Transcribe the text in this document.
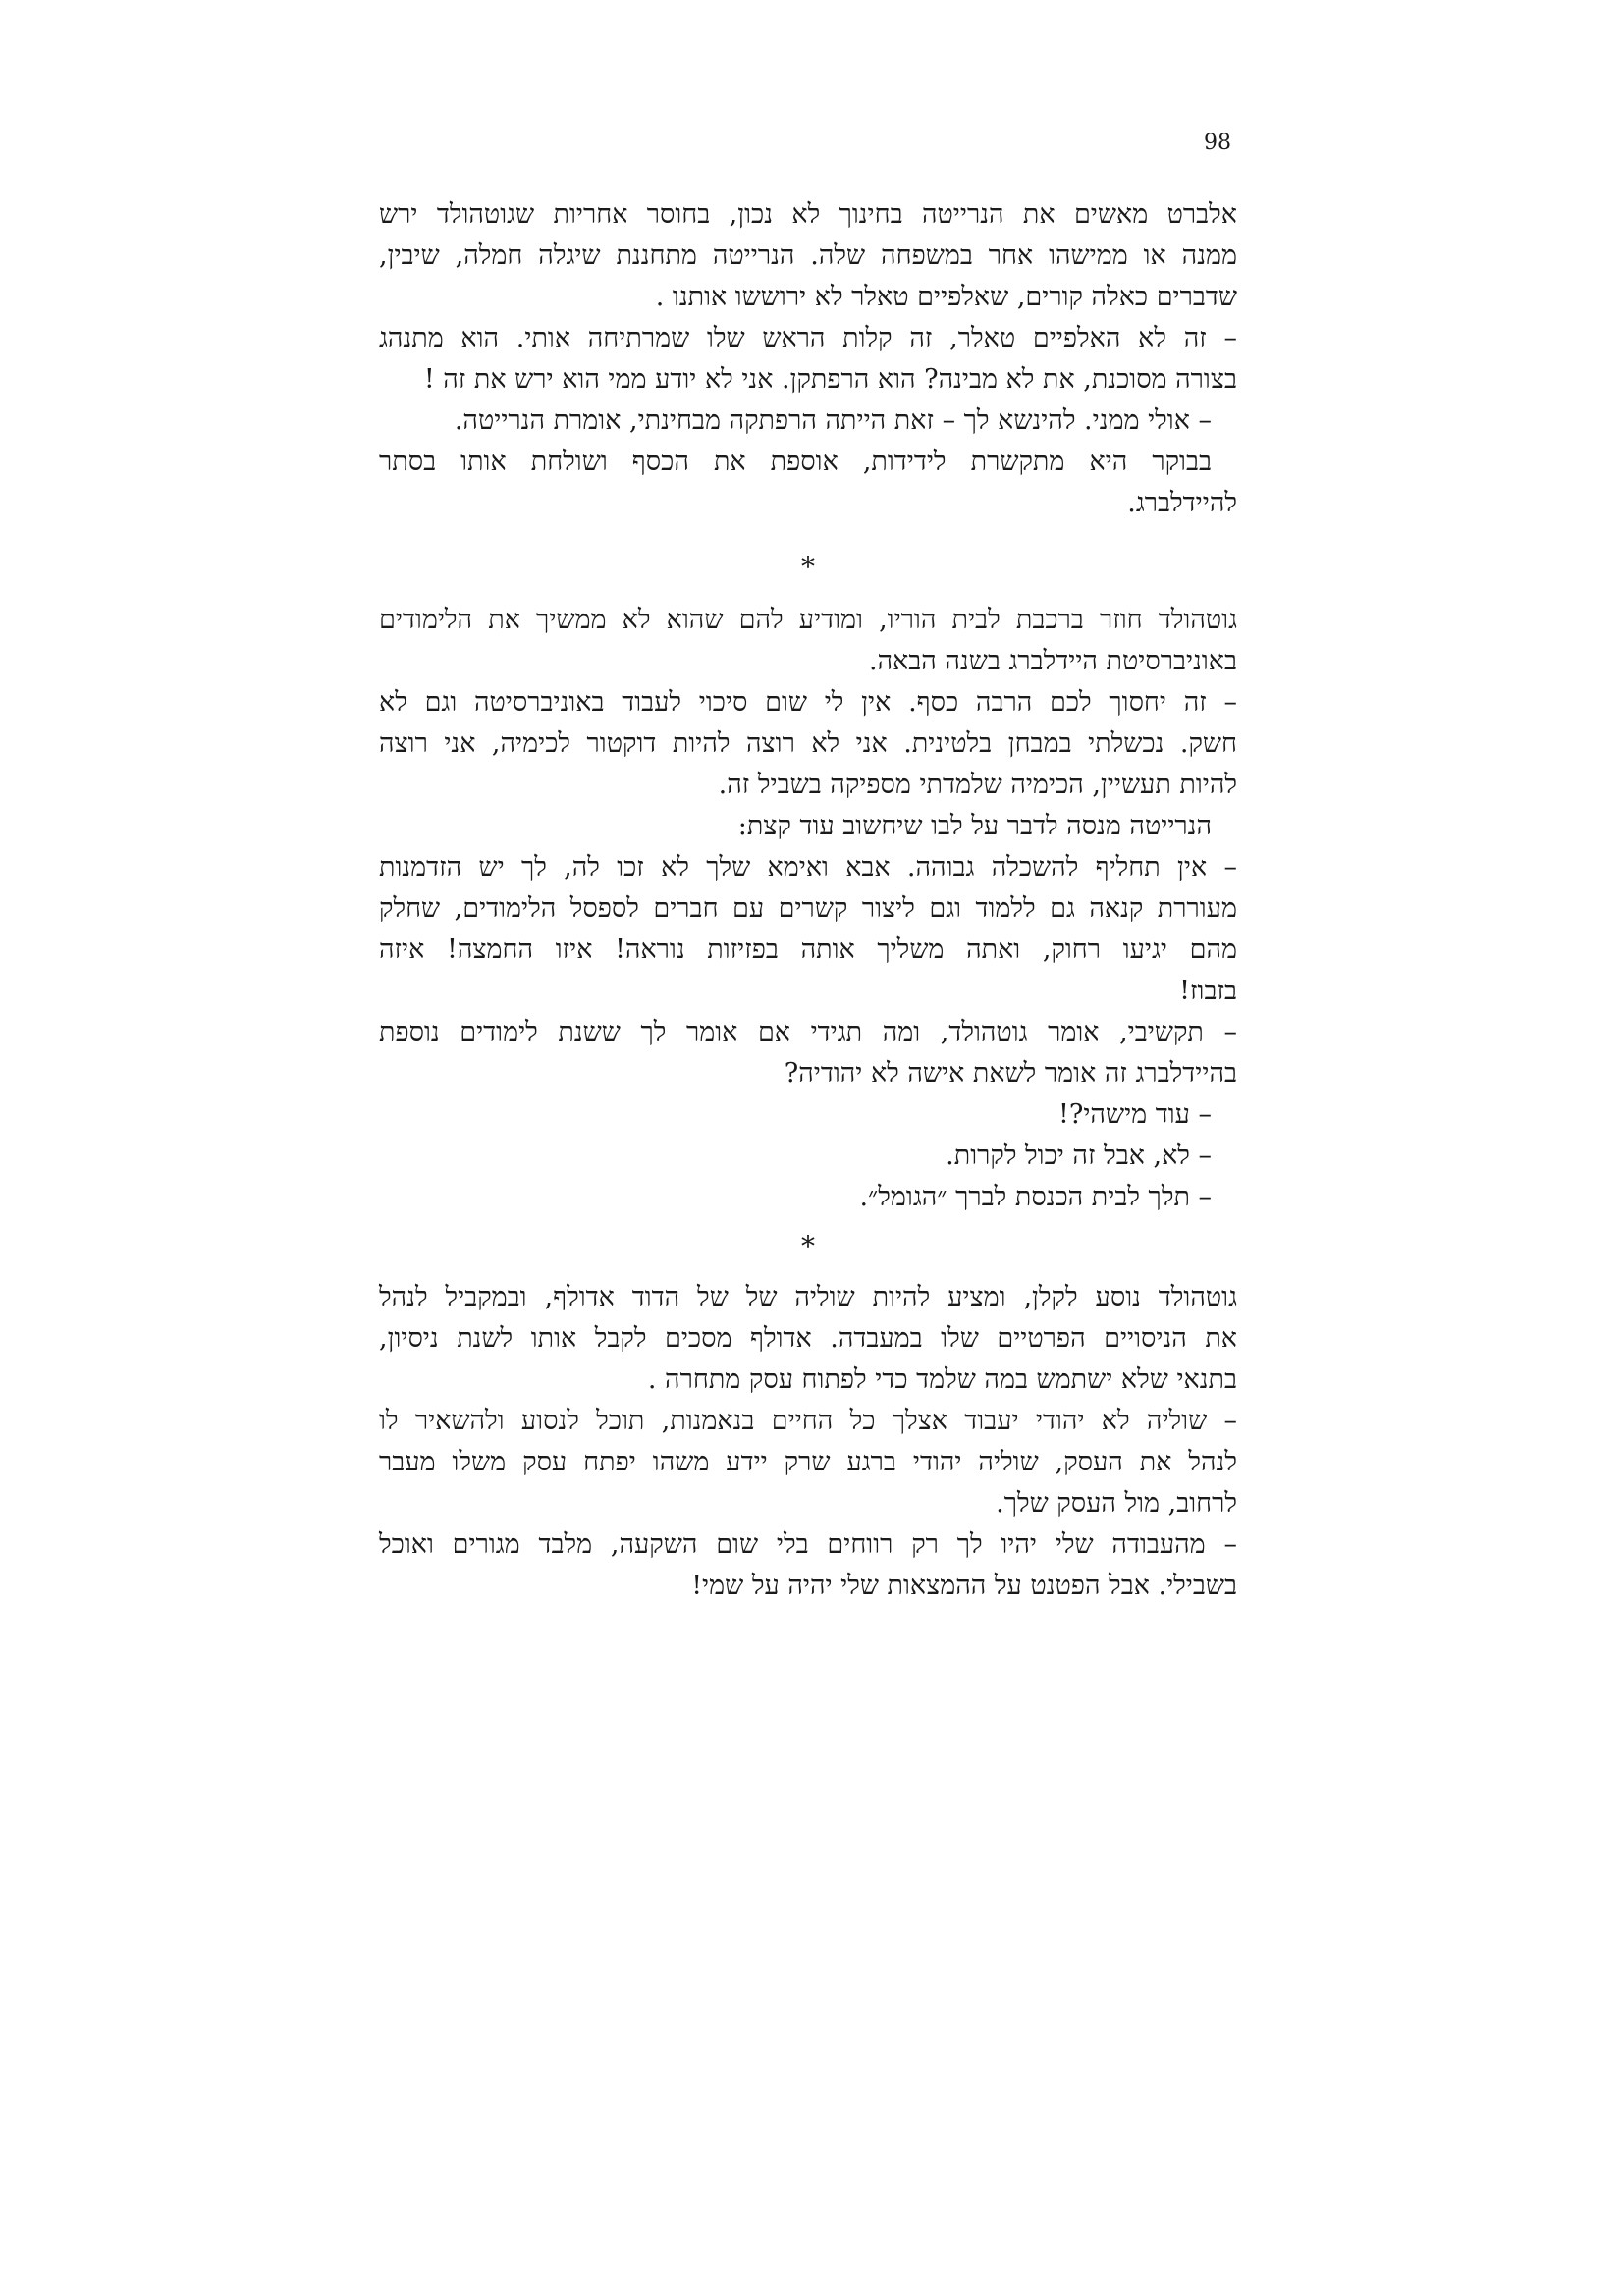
98
אלברט מאשים את הנרייטה בחינוך לא נכון, בחוסר אחריות שגוטהולד ירש
ממנה או ממישהו אחר במשפחה שלה. הנרייטה מתחננת שיגלה חמלה, שיבין,
שדברים כאלה קורים, שאלפיים טאלר לא ירוששו אותנו .
– זה לא האלפיים טאלר, זה קלות הראש שלו שמרתיחה אותי. הוא מתנהג
בצורה מסוכנת, את לא מבינה? הוא הרפתקן. אני לא יודע ממי הוא ירש את זה !
– אולי ממני. להינשא לך – זאת הייתה הרפתקה מבחינתי, אומרת הנרייטה.
בבוקר היא מתקשרת לידידות, אוספת את הכסף ושולחת אותו בסתר
להיידלברג.
גוטהולד חוזר ברכבת לבית הוריו, ומודיע להם שהוא לא ממשיך את הלימודים
באוניברסיטת היידלברג בשנה הבאה.
– זה יחסוך לכם הרבה כסף. אין לי שום סיכוי לעבוד באוניברסיטה וגם לא
חשק. נכשלתי במבחן בלטינית. אני לא רוצה להיות דוקטור לכימיה, אני רוצה
להיות תעשיין, הכימיה שלמדתי מספיקה בשביל זה.
הנרייטה מנסה לדבר על לבו שיחשוב עוד קצת:
– אין תחליף להשכלה גבוהה. אבא ואימא שלך לא זכו לה, לך יש הזדמנות
מעוררת קנאה גם ללמוד וגם ליצור קשרים עם חברים לספסל הלימודים, שחלק
מהם יגיעו רחוק, ואתה משליך אותה בפזיזות נוראה! איזו החמצה! איזה
בזבוז!
– תקשיבי, אומר גוטהולד, ומה תגידי אם אומר לך ששנת לימודים נוספת
בהיידלברג זה אומר לשאת אישה לא יהודיה?
– עוד מישהי?!
– לא, אבל זה יכול לקרות.
– תלך לבית הכנסת לברך ״הגומל״.
גוטהולד נוסע לקלן, ומציע להיות שוליה של של הדוד אדולף, ובמקביל לנהל
את הניסויים הפרטיים שלו במעבדה. אדולף מסכים לקבל אותו לשנת ניסיון,
בתנאי שלא ישתמש במה שלמד כדי לפתוח עסק מתחרה .
– שוליה לא יהודי יעבוד אצלך כל החיים בנאמנות, תוכל לנסוע ולהשאיר לו
לנהל את העסק, שוליה יהודי ברגע שרק יידע משהו יפתח עסק משלו מעבר
לרחוב, מול העסק שלך.
– מהעבודה שלי יהיו לך רק רווחים בלי שום השקעה, מלבד מגורים ואוכל
בשבילי. אבל הפטנט על ההמצאות שלי יהיה על שמי!
*
*
